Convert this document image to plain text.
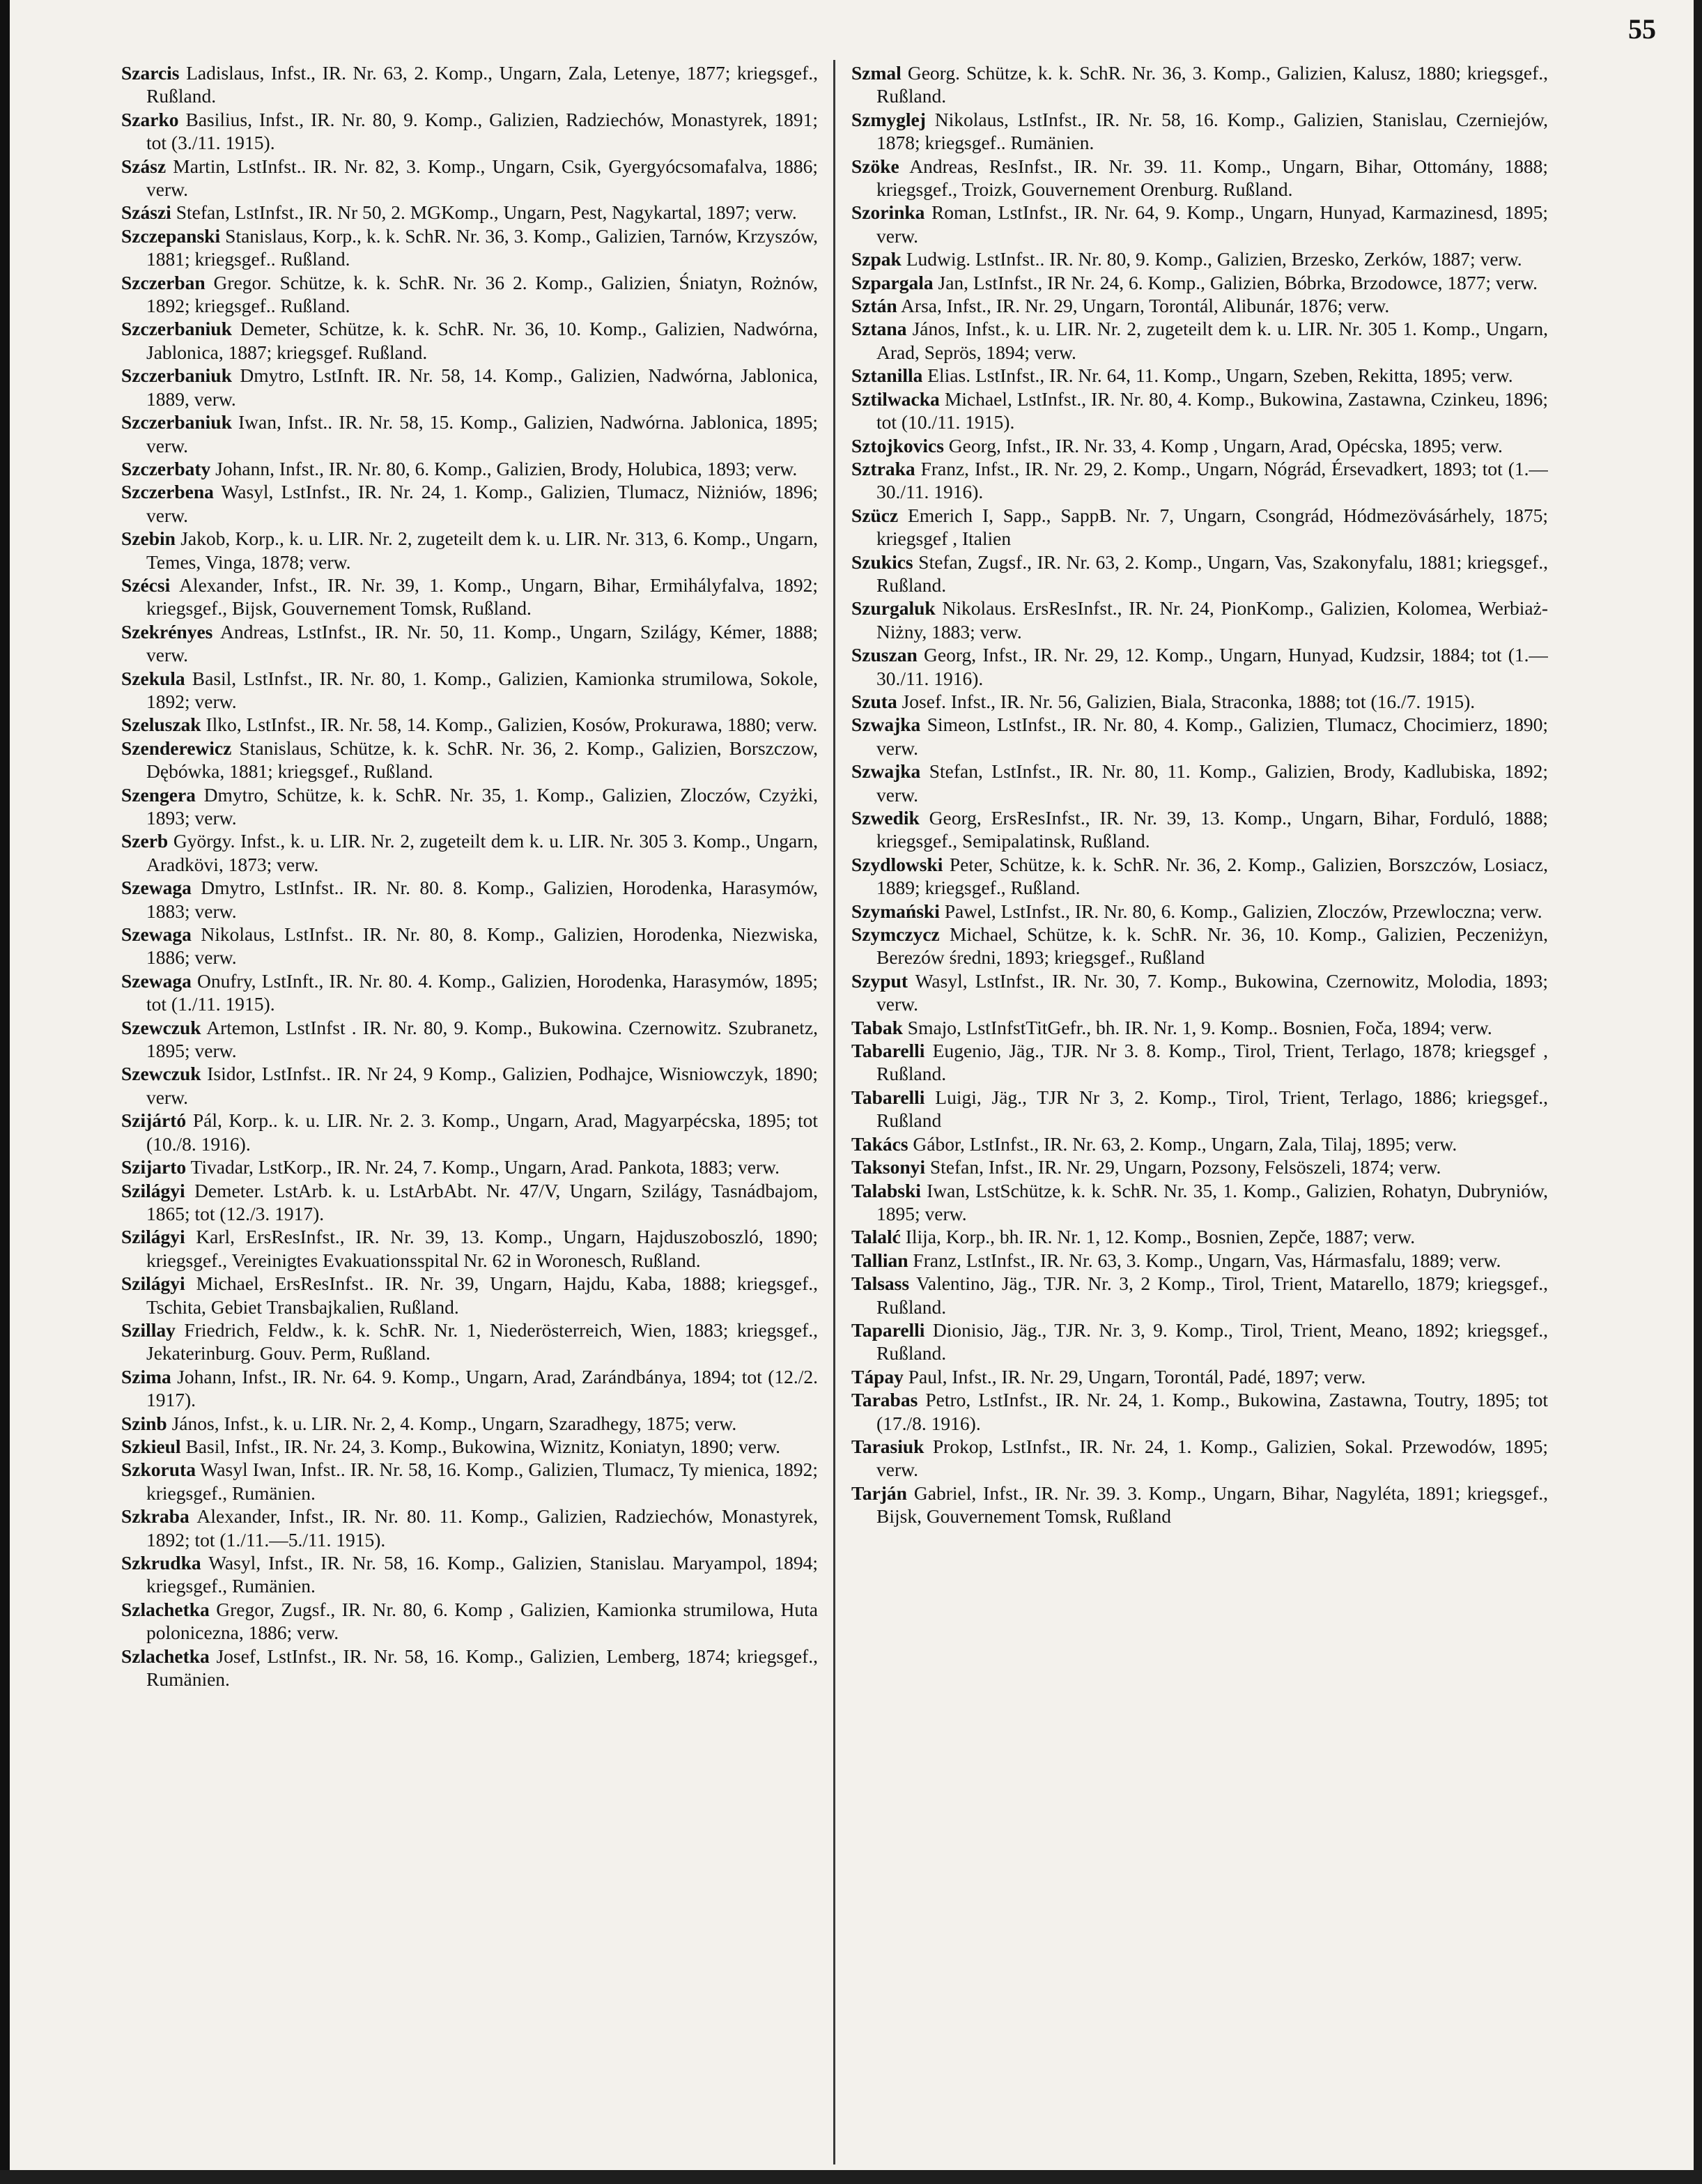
55
Szarcis Ladislaus, Infst., IR. Nr. 63, 2. Komp., Ungarn, Zala, Letenye, 1877; kriegsgef., Rußland.
Szarko Basilius, Infst., IR. Nr. 80, 9. Komp., Galizien, Radziechów, Monastyrek, 1891; tot (3./11. 1915).
Szász Martin, LstInfst.. IR. Nr. 82, 3. Komp., Ungarn, Csik, Gyergyócsomafalva, 1886; verw.
Szászi Stefan, LstInfst., IR. Nr 50, 2. MGKomp., Ungarn, Pest, Nagykartal, 1897; verw.
Szczepanski Stanislaus, Korp., k. k. SchR. Nr. 36, 3. Komp., Galizien, Tarnów, Krzyszów, 1881; kriegsgef.. Rußland.
Szczerban Gregor. Schütze, k. k. SchR. Nr. 36 2. Komp., Galizien, Śniatyn, Rożnów, 1892; kriegsgef.. Rußland.
Szczerbaniuk Demeter, Schütze, k. k. SchR. Nr. 36, 10. Komp., Galizien, Nadwórna, Jablonica, 1887; kriegsgef. Rußland.
Szczerbaniuk Dmytro, LstInft. IR. Nr. 58, 14. Komp., Galizien, Nadwórna, Jablonica, 1889, verw.
Szczerbaniuk Iwan, Infst.. IR. Nr. 58, 15. Komp., Galizien, Nadwórna. Jablonica, 1895; verw.
Szczerbaty Johann, Infst., IR. Nr. 80, 6. Komp., Galizien, Brody, Holubica, 1893; verw.
Szczerbena Wasyl, LstInfst., IR. Nr. 24, 1. Komp., Galizien, Tlumacz, Niżniów, 1896; verw.
Szebin Jakob, Korp., k. u. LIR. Nr. 2, zugeteilt dem k. u. LIR. Nr. 313, 6. Komp., Ungarn, Temes, Vinga, 1878; verw.
Szécsi Alexander, Infst., IR. Nr. 39, 1. Komp., Ungarn, Bihar, Ermihályfalva, 1892; kriegsgef., Bijsk, Gouvernement Tomsk, Rußland.
Szekrényes Andreas, LstInfst., IR. Nr. 50, 11. Komp., Ungarn, Szilágy, Kémer, 1888; verw.
Szekula Basil, LstInfst., IR. Nr. 80, 1. Komp., Galizien, Kamionka strumilowa, Sokole, 1892; verw.
Szeluszak Ilko, LstInfst., IR. Nr. 58, 14. Komp., Galizien, Kosów, Prokurawa, 1880; verw.
Szenderewicz Stanislaus, Schütze, k. k. SchR. Nr. 36, 2. Komp., Galizien, Borszczow, Dębówka, 1881; kriegsgef., Rußland.
Szengera Dmytro, Schütze, k. k. SchR. Nr. 35, 1. Komp., Galizien, Zloczów, Czyżki, 1893; verw.
Szerb György. Infst., k. u. LIR. Nr. 2, zugeteilt dem k. u. LIR. Nr. 305 3. Komp., Ungarn, Aradkövi, 1873; verw.
Szewaga Dmytro, LstInfst.. IR. Nr. 80. 8. Komp., Galizien, Horodenka, Harasymów, 1883; verw.
Szewaga Nikolaus, LstInfst.. IR. Nr. 80, 8. Komp., Galizien, Horodenka, Niezwiska, 1886; verw.
Szewaga Onufry, LstInft., IR. Nr. 80. 4. Komp., Galizien, Horodenka, Harasymów, 1895; tot (1./11. 1915).
Szewczuk Artemon, LstInfst . IR. Nr. 80, 9. Komp., Bukowina. Czernowitz. Szubranetz, 1895; verw.
Szewczuk Isidor, LstInfst.. IR. Nr 24, 9 Komp., Galizien, Podhajce, Wisniowczyk, 1890; verw.
Szijártó Pál, Korp.. k. u. LIR. Nr. 2. 3. Komp., Ungarn, Arad, Magyarpécska, 1895; tot (10./8. 1916).
Szijarto Tivadar, LstKorp., IR. Nr. 24, 7. Komp., Ungarn, Arad. Pankota, 1883; verw.
Szilágyi Demeter. LstArb. k. u. LstArbAbt. Nr. 47/V, Ungarn, Szilágy, Tasnádbajom, 1865; tot (12./3. 1917).
Szilágyi Karl, ErsResInfst., IR. Nr. 39, 13. Komp., Ungarn, Hajduszoboszló, 1890; kriegsgef., Vereinigtes Evakuationsspital Nr. 62 in Woronesch, Rußland.
Szilágyi Michael, ErsResInfst.. IR. Nr. 39, Ungarn, Hajdu, Kaba, 1888; kriegsgef., Tschita, Gebiet Transbajkalien, Rußland.
Szillay Friedrich, Feldw., k. k. SchR. Nr. 1, Niederösterreich, Wien, 1883; kriegsgef., Jekaterinburg. Gouv. Perm, Rußland.
Szima Johann, Infst., IR. Nr. 64. 9. Komp., Ungarn, Arad, Zarándbánya, 1894; tot (12./2. 1917).
Szinb János, Infst., k. u. LIR. Nr. 2, 4. Komp., Ungarn, Szaradhegy, 1875; verw.
Szkieul Basil, Infst., IR. Nr. 24, 3. Komp., Bukowina, Wiznitz, Koniatyn, 1890; verw.
Szkoruta Wasyl Iwan, Infst.. IR. Nr. 58, 16. Komp., Galizien, Tlumacz, Ty mienica, 1892; kriegsgef., Rumänien.
Szkraba Alexander, Infst., IR. Nr. 80. 11. Komp., Galizien, Radziechów, Monastyrek, 1892; tot (1./11.—5./11. 1915).
Szkrudka Wasyl, Infst., IR. Nr. 58, 16. Komp., Galizien, Stanislau. Maryampol, 1894; kriegsgef., Rumänien.
Szlachetka Gregor, Zugsf., IR. Nr. 80, 6. Komp , Galizien, Kamionka strumilowa, Huta polonicezna, 1886; verw.
Szlachetka Josef, LstInfst., IR. Nr. 58, 16. Komp., Galizien, Lemberg, 1874; kriegsgef., Rumänien.
Szmal Georg. Schütze, k. k. SchR. Nr. 36, 3. Komp., Galizien, Kalusz, 1880; kriegsgef., Rußland.
Szmyglej Nikolaus, LstInfst., IR. Nr. 58, 16. Komp., Galizien, Stanislau, Czerniejów, 1878; kriegsgef.. Rumänien.
Szöke Andreas, ResInfst., IR. Nr. 39. 11. Komp., Ungarn, Bihar, Ottomány, 1888; kriegsgef., Troizk, Gouvernement Orenburg. Rußland.
Szorinka Roman, LstInfst., IR. Nr. 64, 9. Komp., Ungarn, Hunyad, Karmazinesd, 1895; verw.
Szpak Ludwig. LstInfst.. IR. Nr. 80, 9. Komp., Galizien, Brzesko, Zerków, 1887; verw.
Szpargala Jan, LstInfst., IR Nr. 24, 6. Komp., Galizien, Bóbrka, Brzodowce, 1877; verw.
Sztán Arsa, Infst., IR. Nr. 29, Ungarn, Torontál, Alibunár, 1876; verw.
Sztana János, Infst., k. u. LIR. Nr. 2, zugeteilt dem k. u. LIR. Nr. 305 1. Komp., Ungarn, Arad, Seprös, 1894; verw.
Sztanilla Elias. LstInfst., IR. Nr. 64, 11. Komp., Ungarn, Szeben, Rekitta, 1895; verw.
Sztilwacka Michael, LstInfst., IR. Nr. 80, 4. Komp., Bukowina, Zastawna, Czinkeu, 1896; tot (10./11. 1915).
Sztojkovics Georg, Infst., IR. Nr. 33, 4. Komp , Ungarn, Arad, Opécska, 1895; verw.
Sztraka Franz, Infst., IR. Nr. 29, 2. Komp., Ungarn, Nógrád, Érsevadkert, 1893; tot (1.—30./11. 1916).
Szücz Emerich I, Sapp., SappB. Nr. 7, Ungarn, Csongrád, Hódmezövásárhely, 1875; kriegsgef , Italien
Szukics Stefan, Zugsf., IR. Nr. 63, 2. Komp., Ungarn, Vas, Szakonyfalu, 1881; kriegsgef., Rußland.
Szurgaluk Nikolaus. ErsResInfst., IR. Nr. 24, PionKomp., Galizien, Kolomea, Werbiaż-Niżny, 1883; verw.
Szuszan Georg, Infst., IR. Nr. 29, 12. Komp., Ungarn, Hunyad, Kudzsir, 1884; tot (1.—30./11. 1916).
Szuta Josef. Infst., IR. Nr. 56, Galizien, Biala, Straconka, 1888; tot (16./7. 1915).
Szwajka Simeon, LstInfst., IR. Nr. 80, 4. Komp., Galizien, Tlumacz, Chocimierz, 1890; verw.
Szwajka Stefan, LstInfst., IR. Nr. 80, 11. Komp., Galizien, Brody, Kadlubiska, 1892; verw.
Szwedik Georg, ErsResInfst., IR. Nr. 39, 13. Komp., Ungarn, Bihar, Forduló, 1888; kriegsgef., Semipalatinsk, Rußland.
Szydlowski Peter, Schütze, k. k. SchR. Nr. 36, 2. Komp., Galizien, Borszczów, Losiacz, 1889; kriegsgef., Rußland.
Szymański Pawel, LstInfst., IR. Nr. 80, 6. Komp., Galizien, Zloczów, Przewloczna; verw.
Szymczycz Michael, Schütze, k. k. SchR. Nr. 36, 10. Komp., Galizien, Peczeniżyn, Berezów średni, 1893; kriegsgef., Rußland
Szyput Wasyl, LstInfst., IR. Nr. 30, 7. Komp., Bukowina, Czernowitz, Molodia, 1893; verw.
Tabak Smajo, LstInfstTitGefr., bh. IR. Nr. 1, 9. Komp.. Bosnien, Foča, 1894; verw.
Tabarelli Eugenio, Jäg., TJR. Nr 3. 8. Komp., Tirol, Trient, Terlago, 1878; kriegsgef , Rußland.
Tabarelli Luigi, Jäg., TJR Nr 3, 2. Komp., Tirol, Trient, Terlago, 1886; kriegsgef., Rußland
Takács Gábor, LstInfst., IR. Nr. 63, 2. Komp., Ungarn, Zala, Tilaj, 1895; verw.
Taksonyi Stefan, Infst., IR. Nr. 29, Ungarn, Pozsony, Felsöszeli, 1874; verw.
Talabski Iwan, LstSchütze, k. k. SchR. Nr. 35, 1. Komp., Galizien, Rohatyn, Dubryniów, 1895; verw.
Talalć Ilija, Korp., bh. IR. Nr. 1, 12. Komp., Bosnien, Zepče, 1887; verw.
Tallian Franz, LstInfst., IR. Nr. 63, 3. Komp., Ungarn, Vas, Hármasfalu, 1889; verw.
Talsass Valentino, Jäg., TJR. Nr. 3, 2 Komp., Tirol, Trient, Matarello, 1879; kriegsgef., Rußland.
Taparelli Dionisio, Jäg., TJR. Nr. 3, 9. Komp., Tirol, Trient, Meano, 1892; kriegsgef., Rußland.
Tápay Paul, Infst., IR. Nr. 29, Ungarn, Torontál, Padé, 1897; verw.
Tarabas Petro, LstInfst., IR. Nr. 24, 1. Komp., Bukowina, Zastawna, Toutry, 1895; tot (17./8. 1916).
Tarasiuk Prokop, LstInfst., IR. Nr. 24, 1. Komp., Galizien, Sokal. Przewodów, 1895; verw.
Tarján Gabriel, Infst., IR. Nr. 39. 3. Komp., Ungarn, Bihar, Nagyléta, 1891; kriegsgef., Bijsk, Gouvernement Tomsk, Rußland
